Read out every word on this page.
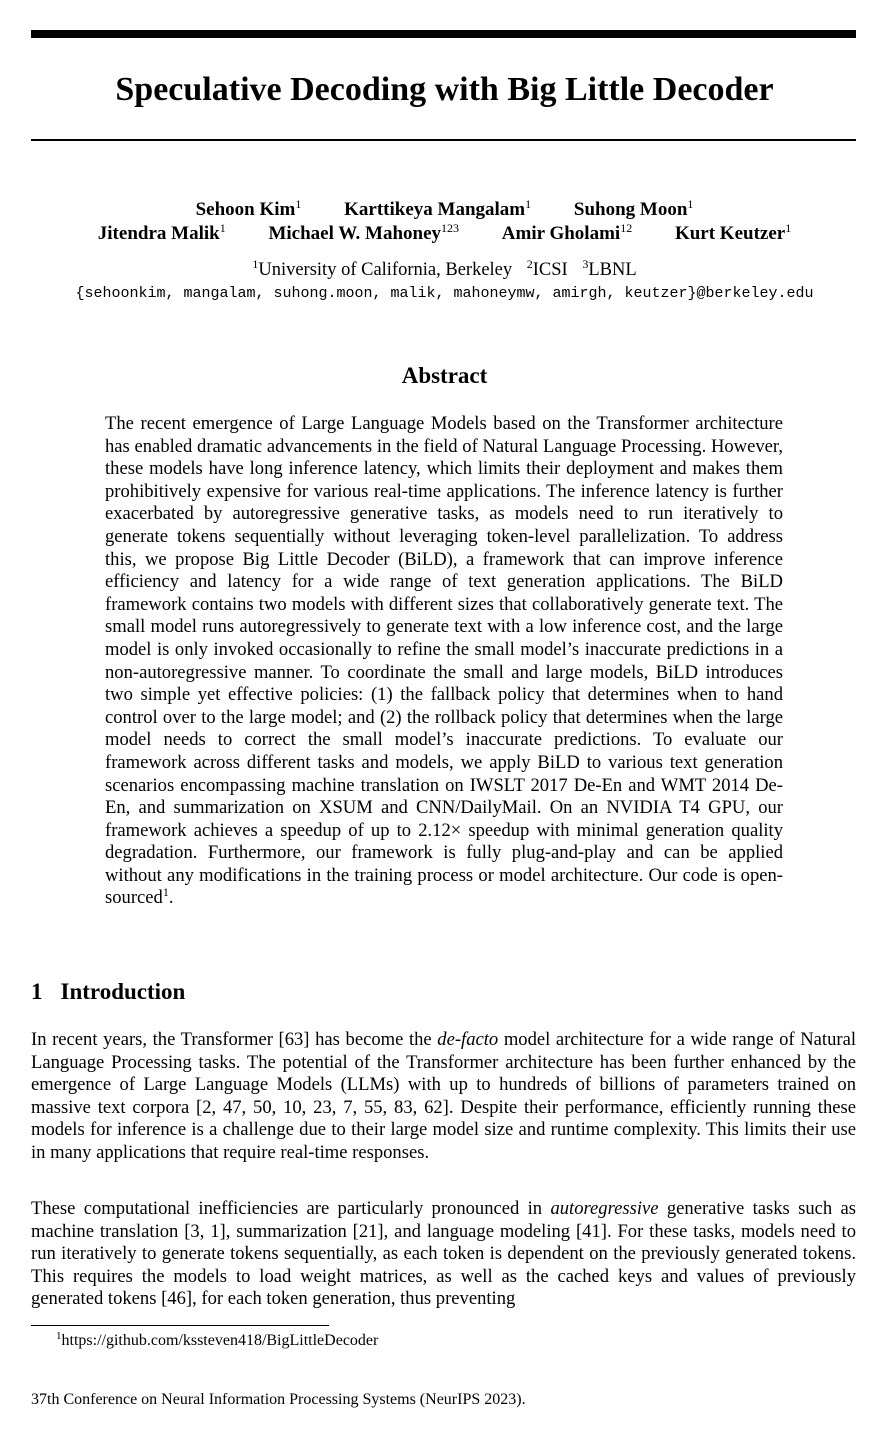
Speculative Decoding with Big Little Decoder
Sehoon Kim$^1$ Karttikeya Mangalam$^1$ Suhong Moon$^1$
Jitendra Malik$^1$ Michael W. Mahoney$^{123}$ Amir Gholami$^{12}$ Kurt Keutzer$^1$
$^1$University of California, Berkeley $^2$ICSI $^3$LBNL
{sehoonkim, mangalam, suhong.moon, malik, mahoneymw, amirgh, keutzer}@berkeley.edu
Abstract

The recent emergence of Large Language Models based on the Transformer architecture has enabled dramatic advancements in the field of Natural Language Processing. However, these models have long inference latency, which limits their deployment and makes them prohibitively expensive for various real-time applications. The inference latency is further exacerbated by autoregressive generative tasks, as models need to run iteratively to generate tokens sequentially without leveraging token-level parallelization. To address this, we propose Big Little Decoder (BiLD), a framework that can improve inference efficiency and latency for a wide range of text generation applications. The BiLD framework contains two models with different sizes that collaboratively generate text. The small model runs autoregressively to generate text with a low inference cost, and the large model is only invoked occasionally to refine the small model’s inaccurate predictions in a non-autoregressive manner. To coordinate the small and large models, BiLD introduces two simple yet effective policies: (1) the fallback policy that determines when to hand control over to the large model; and (2) the rollback policy that determines when the large model needs to correct the small model’s inaccurate predictions. To evaluate our framework across different tasks and models, we apply BiLD to various text generation scenarios encompassing machine translation on IWSLT 2017 De-En and WMT 2014 De-En, and summarization on XSUM and CNN/DailyMail. On an NVIDIA T4 GPU, our framework achieves a speedup of up to 2.12× speedup with minimal generation quality degradation. Furthermore, our framework is fully plug-and-play and can be applied without any modifications in the training process or model architecture. Our code is open-sourced$^1$.

1 Introduction

In recent years, the Transformer [63] has become the de-facto model architecture for a wide range of Natural Language Processing tasks. The potential of the Transformer architecture has been further enhanced by the emergence of Large Language Models (LLMs) with up to hundreds of billions of parameters trained on massive text corpora [2, 47, 50, 10, 23, 7, 55, 83, 62]. Despite their performance, efficiently running these models for inference is a challenge due to their large model size and runtime complexity. This limits their use in many applications that require real-time responses.

These computational inefficiencies are particularly pronounced in autoregressive generative tasks such as machine translation [3, 1], summarization [21], and language modeling [41]. For these tasks, models need to run iteratively to generate tokens sequentially, as each token is dependent on the previously generated tokens. This requires the models to load weight matrices, as well as the cached keys and values of previously generated tokens [46], for each token generation, thus preventing

$^1$https://github.com/kssteven418/BigLittleDecoder
37th Conference on Neural Information Processing Systems (NeurIPS 2023).
